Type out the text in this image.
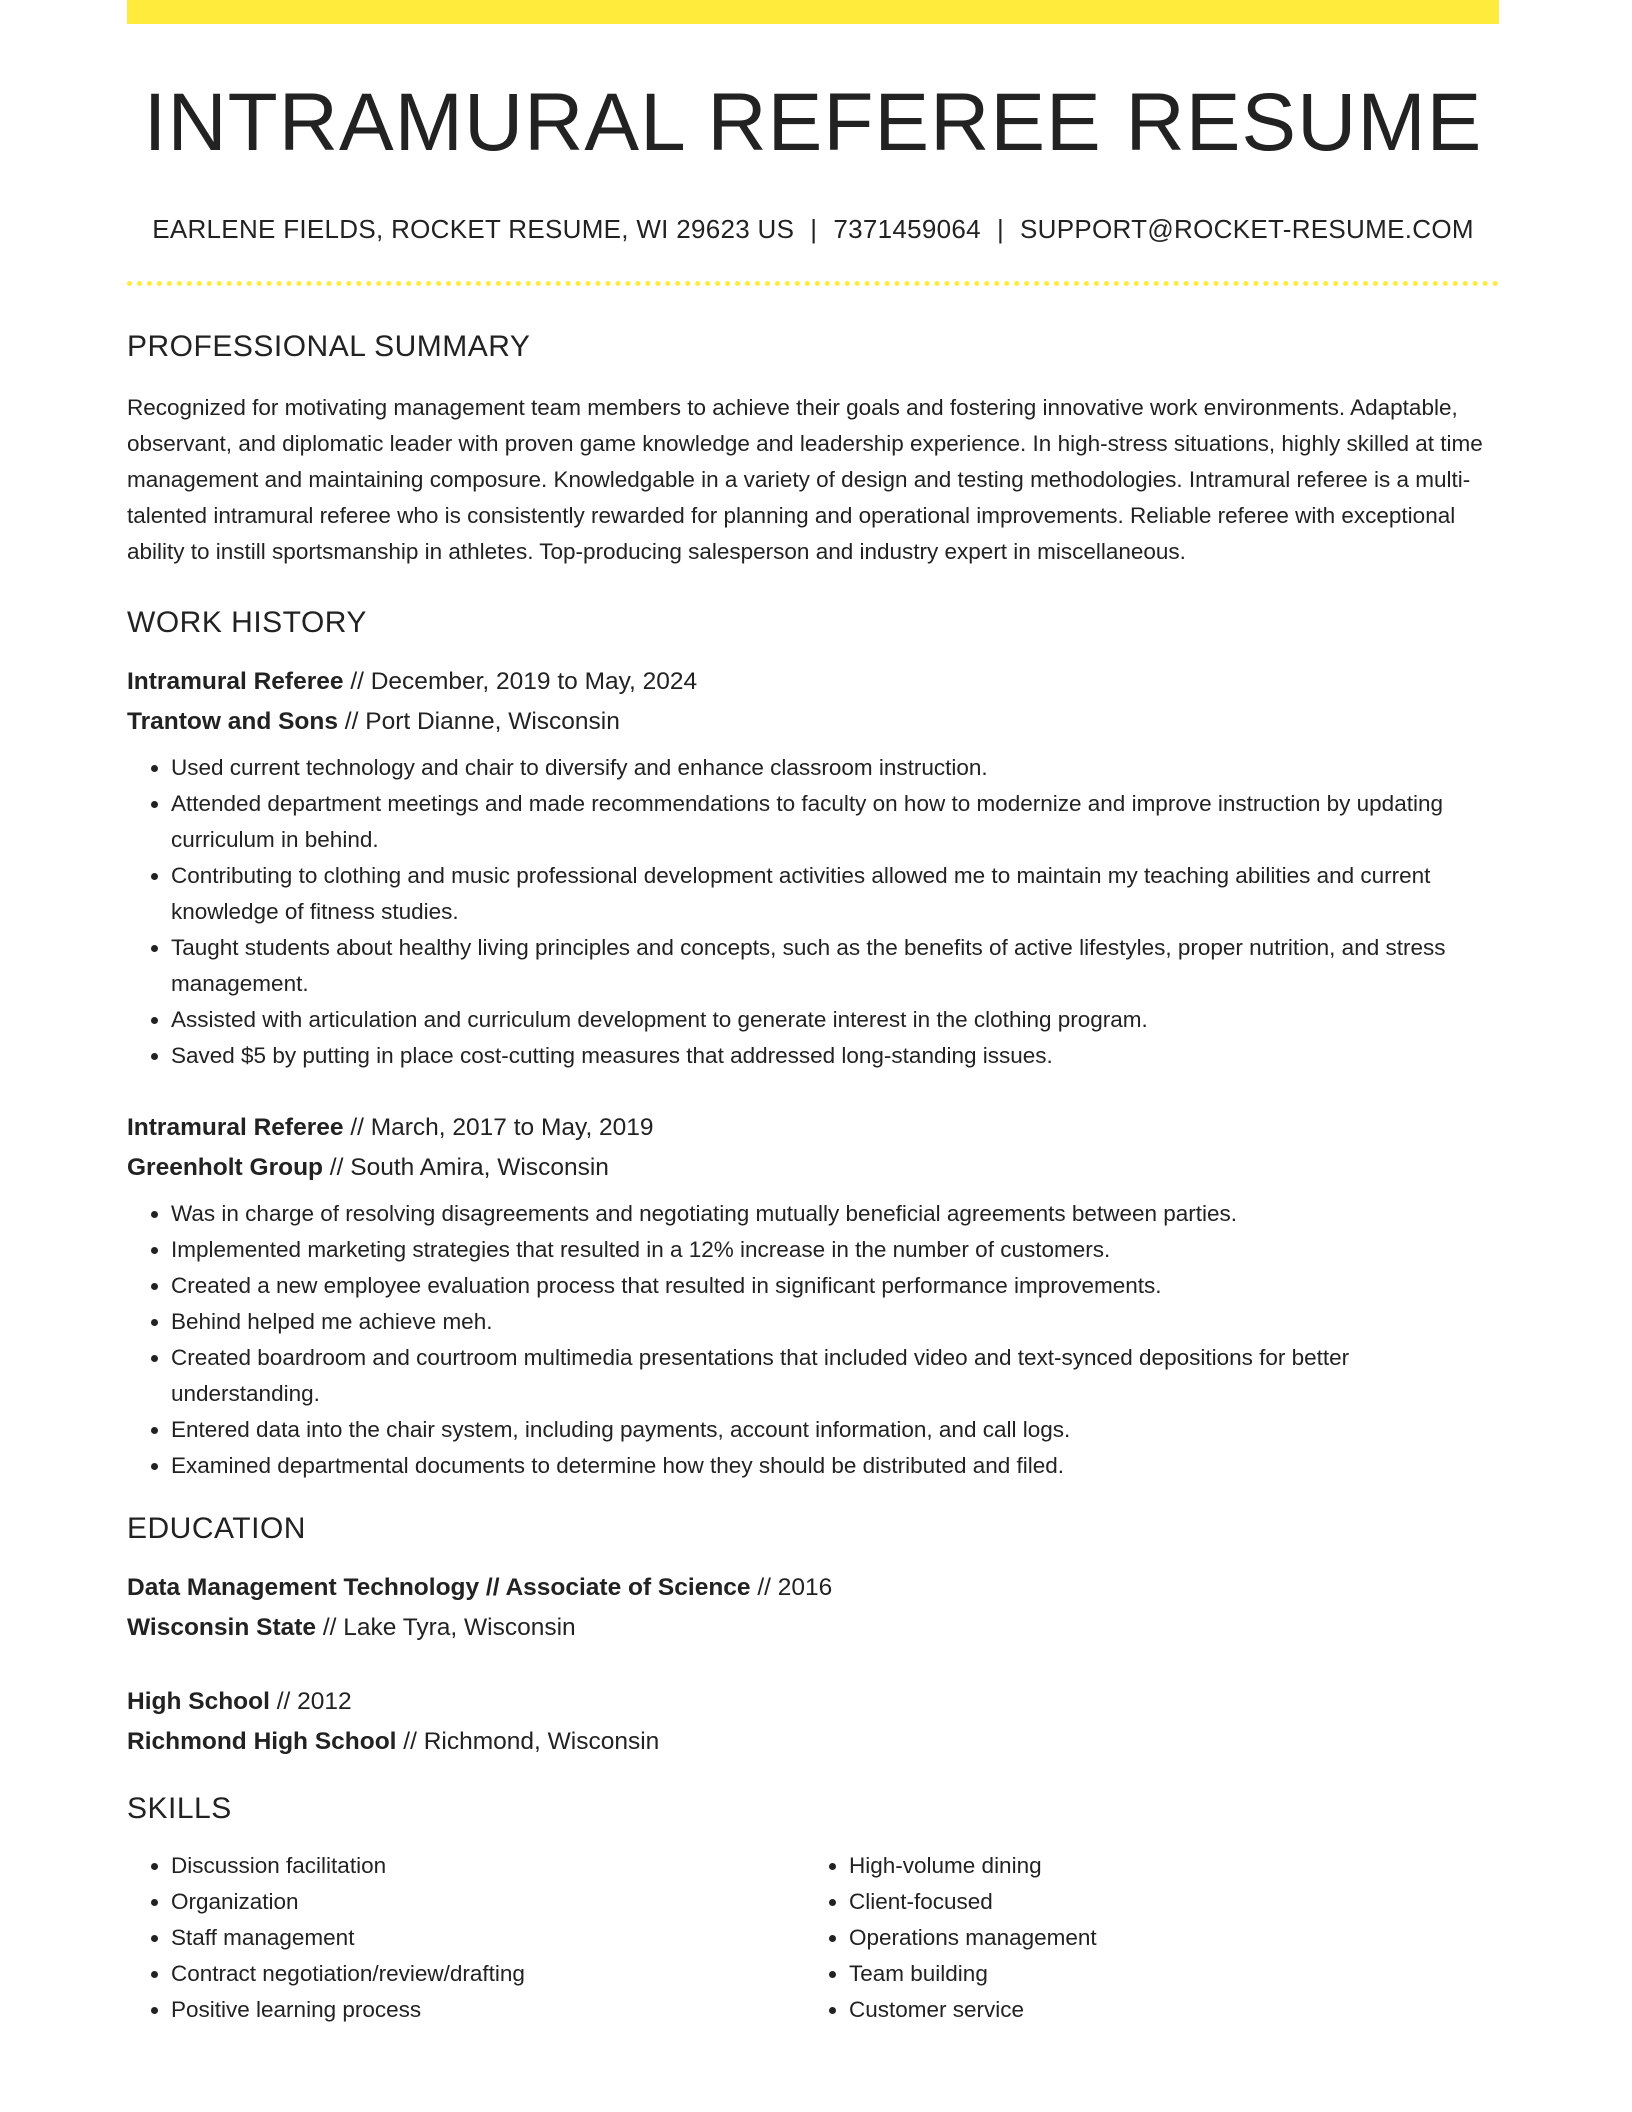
INTRAMURAL REFEREE RESUME
EARLENE FIELDS, ROCKET RESUME, WI 29623 US | 7371459064 | SUPPORT@ROCKET-RESUME.COM
PROFESSIONAL SUMMARY

Recognized for motivating management team members to achieve their goals and fostering innovative work environments. Adaptable, observant, and diplomatic leader with proven game knowledge and leadership experience. In high-stress situations, highly skilled at time management and maintaining composure. Knowledgable in a variety of design and testing methodologies. Intramural referee is a multi-talented intramural referee who is consistently rewarded for planning and operational improvements. Reliable referee with exceptional ability to instill sportsmanship in athletes. Top-producing salesperson and industry expert in miscellaneous.

WORK HISTORY
Intramural Referee // December, 2019 to May, 2024
Trantow and Sons // Port Dianne, Wisconsin
• Used current technology and chair to diversify and enhance classroom instruction.
• Attended department meetings and made recommendations to faculty on how to modernize and improve instruction by updating curriculum in behind.
• Contributing to clothing and music professional development activities allowed me to maintain my teaching abilities and current knowledge of fitness studies.
• Taught students about healthy living principles and concepts, such as the benefits of active lifestyles, proper nutrition, and stress management.
• Assisted with articulation and curriculum development to generate interest in the clothing program.
• Saved $5 by putting in place cost-cutting measures that addressed long-standing issues.
Intramural Referee // March, 2017 to May, 2019
Greenholt Group // South Amira, Wisconsin
• Was in charge of resolving disagreements and negotiating mutually beneficial agreements between parties.
• Implemented marketing strategies that resulted in a 12% increase in the number of customers.
• Created a new employee evaluation process that resulted in significant performance improvements.
• Behind helped me achieve meh.
• Created boardroom and courtroom multimedia presentations that included video and text-synced depositions for better understanding.
• Entered data into the chair system, including payments, account information, and call logs.
• Examined departmental documents to determine how they should be distributed and filed.
EDUCATION
Data Management Technology // Associate of Science // 2016
Wisconsin State // Lake Tyra, Wisconsin
High School // 2012
Richmond High School // Richmond, Wisconsin
SKILLS
• Discussion facilitation
• Organization
• Staff management
• Contract negotiation/review/drafting
• Positive learning process
• High-volume dining
• Client-focused
• Operations management
• Team building
• Customer service
